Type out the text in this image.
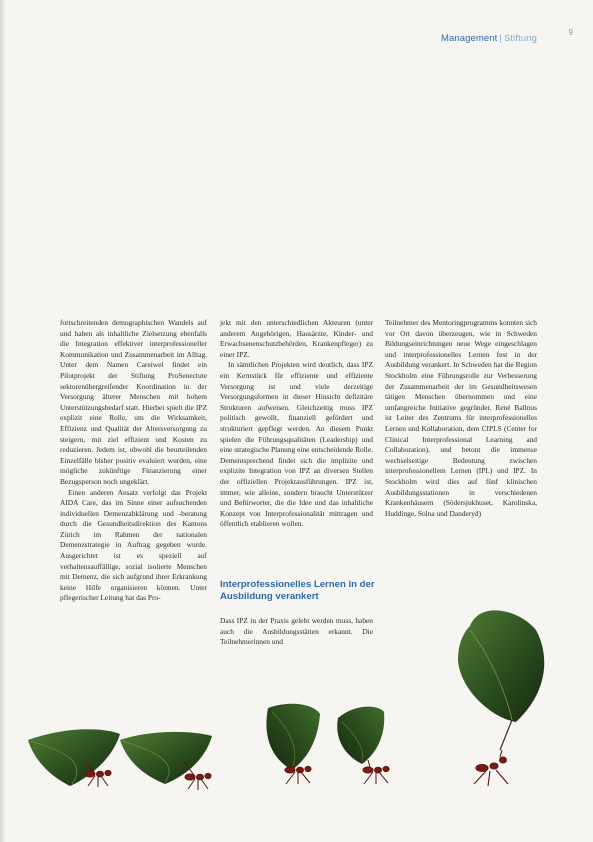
Management | Stiftung
9

fortschreitenden demographischen Wandels auf und haben als inhaltliche Zielsetzung ebenfalls die Integration effektiver interprofessioneller Kommunikation und Zusammenarbeit im Alltag. Unter dem Namen Careiwel findet ein Pilotprojekt der Stiftung ProSenectute sektorenübergreifender Koordination in der Versorgung älterer Menschen mit hohem Unterstützungsbedarf statt. Hierbei spielt die IPZ explizit eine Rolle, um die Wirksamkeit, Effizienz und Qualität der Altersversorgung zu steigern, mit ziel effizient und Kosten zu reduzieren. Jedem ist, obwohl die beurteilenden Einzelfälle bisher positiv evaluiert wurden, eine mögliche zukünftige Finanzierung einer Bezugsperson noch ungeklärt.

Einen anderen Ansatz verfolgt das Projekt AIDA Care, das im Sinne einer aufsuchenden individuellen Demenzabklärung und -beratung durch die Gesundheitsdirektion des Kantons Zürich im Rahmen der nationalen Demenzstrategie in Auftrag gegeben wurde. Ausgerichtet ist es speziell auf verhaltensauffällige, sozial isolierte Menschen mit Demenz, die sich aufgrund ihrer Erkrankung keine Hilfe organisieren können. Unter pflegerischer Leitung hat das Pro-

jekt mit den unterschiedlichen Akteuren (unter anderem Angehörigen, Hausärzte, Kinder- und Erwachsenenschutzbehörden, Krankenpfleger) zu einer IPZ.

In sämtlichen Projekten wird deutlich, dass IPZ ein Kernstück für effiziente und effiziente Versorgung ist und viele derzeitige Versorgungsformen in dieser Hinsicht defizitäre Strukturen aufweisen. Gleichzeitig muss IPZ politisch gewollt, finanziell gefördert und strukturiert gepflegt werden. An diesem Punkt spielen die Führungsqualitäten (Leadership) und eine strategische Planung eine entscheidende Rolle. Dementsprechend findet sich die implizite und explizite Integration von IPZ an diversen Stellen der offiziellen Projektausführungen. IPZ ist, immer, wie alleine, sondern braucht Unterstützer und Befürworter, die die Idee und das inhaltliche Konzept von Interprofessionalität mittragen und öffentlich etablieren wollen.

Interprofessionelles Lernen in der Ausbildung verankert

Dass IPZ in der Praxis gelebt werden muss, haben auch die Ausbildungsstätten erkannt. Die Teilnehmerinnen und

Teilnehmer des Mentoringprogramms konnten sich vor Ort davon überzeugen, wie in Schweden Bildungseinrichtungen neue Wege eingeschlagen und interprofessionelles Lernen fest in der Ausbildung verankert. In Schweden hat die Region Stockholm eine Führungsrolle zur Verbesserung der Zusammenarbeit der im Gesundheitswesen tätigen Menschen übernommen und eine umfangreiche Initiative gegründet. René Ballnus ist Leiter des Zentrums für interprofessionelles Lernen und Kollaboration, dem CIPLS (Center for Clinical Interprofessional Learning and Collaboration), und betont die immense wechselseitige Bedeutung zwischen interprofessionellem Lernen (IPL) und IPZ. In Stockholm wird dies auf fünf klinischen Ausbildungsstationen in verschiedenen Krankenhäusern (Södersjukhuset, Karolinska, Huddinge, Solna und Danderyd)
